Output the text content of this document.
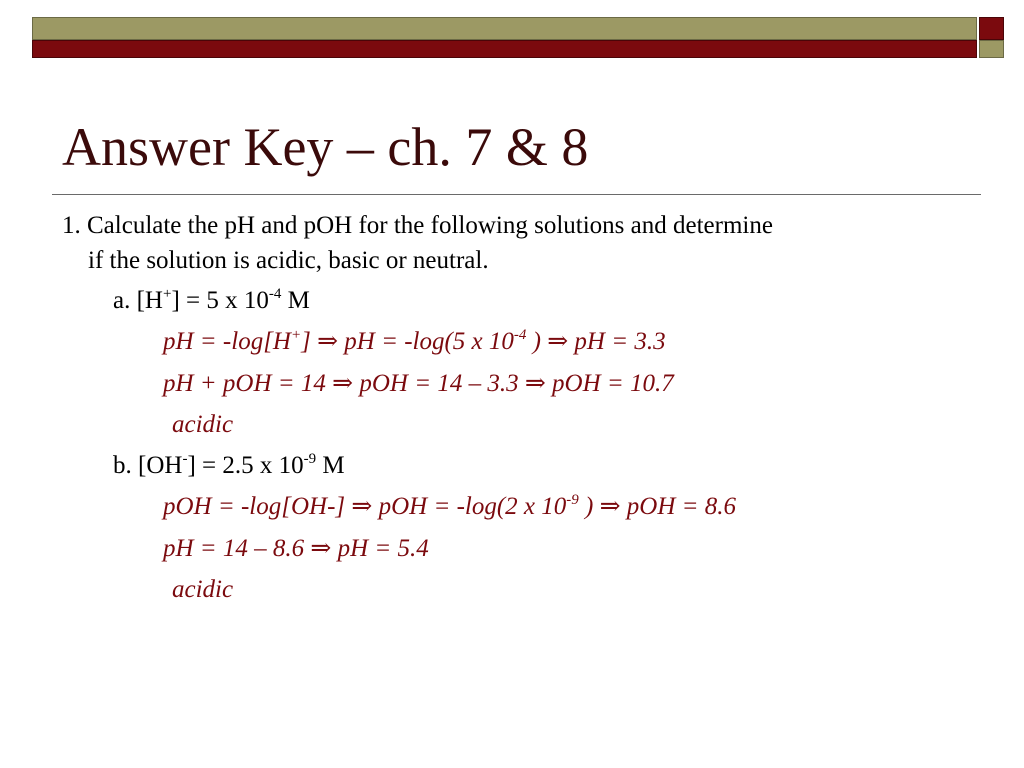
Answer Key – ch. 7 & 8
1. Calculate the pH and pOH for the following solutions and determine
if the solution is acidic, basic or neutral.
a. [H+] = 5 x $10^{-4}$ M
pH = -log[H+] ⇒ pH = -log(5 x $10^{-4}$ ) ⇒ pH = 3.3
pH + pOH = 14 ⇒ pOH = 14 – 3.3 ⇒ pOH = 10.7
acidic
b. [OH-] = 2.5 x $10^{-9}$ M
pOH = -log[OH-] ⇒ pOH = -log(2 x $10^{-9}$ ) ⇒ pOH = 8.6
pH = 14 – 8.6 ⇒ pH = 5.4
acidic
